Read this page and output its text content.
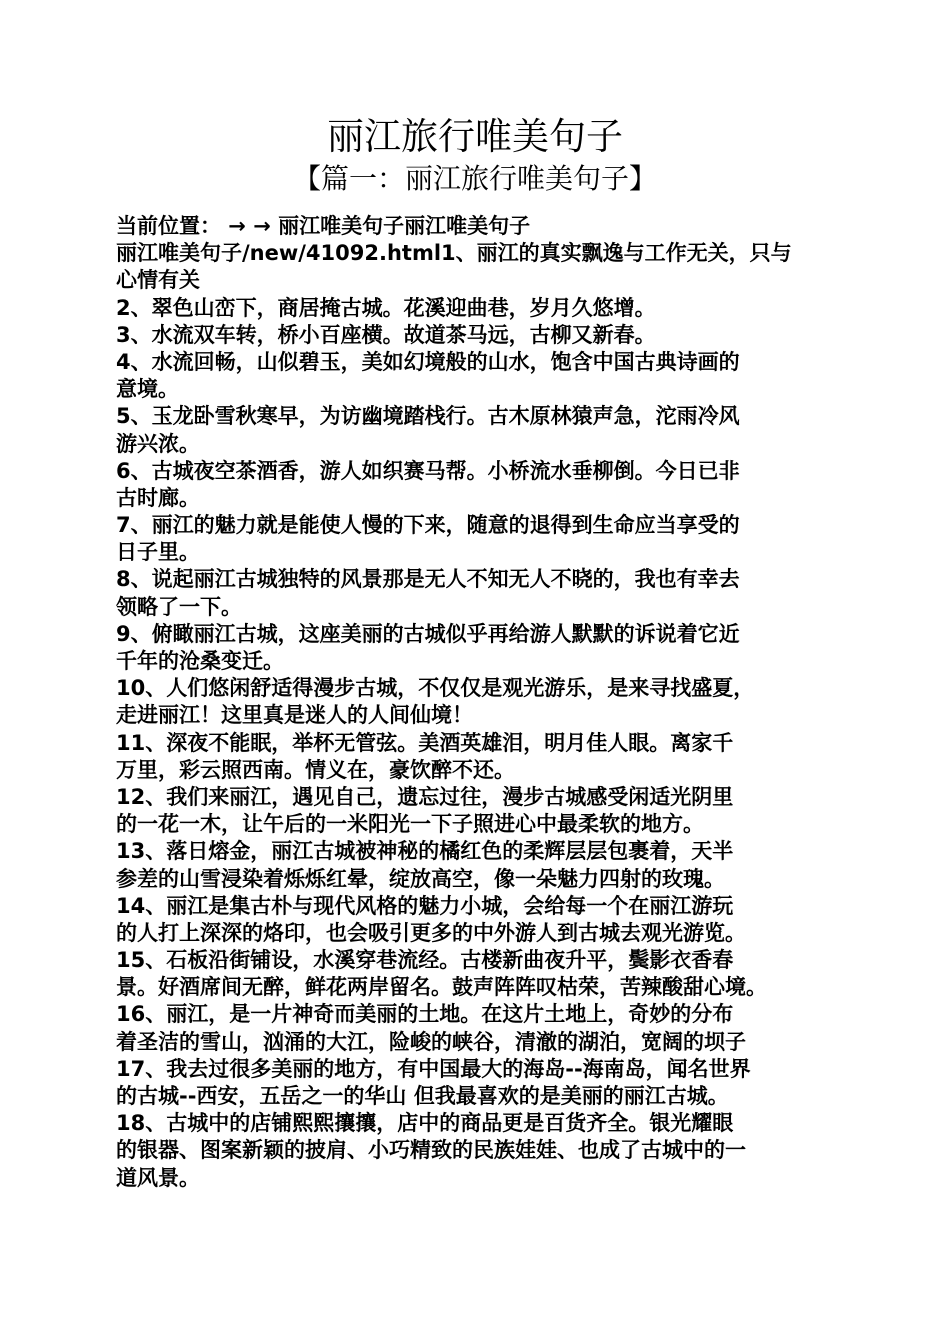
丽江旅行唯美句子
【篇一：丽江旅行唯美句子】
当前位置： → → 丽江唯美句子丽江唯美句子
丽江唯美句子/new/41092.html1、丽江的真实飘逸与工作无关，只与
心情有关
2、翠色山峦下，商居掩古城。花溪迎曲巷，岁月久悠增。
3、水流双车转，桥小百座横。故道茶马远，古柳又新春。
4、水流回畅，山似碧玉，美如幻境般的山水，饱含中国古典诗画的
意境。
5、玉龙卧雪秋寒早，为访幽境踏栈行。古木原林猿声急，沱雨冷风
游兴浓。
6、古城夜空茶酒香，游人如织赛马帮。小桥流水垂柳倒。今日已非
古时廊。
7、丽江的魅力就是能使人慢的下来，随意的退得到生命应当享受的
日子里。
8、说起丽江古城独特的风景那是无人不知无人不晓的，我也有幸去
领略了一下。
9、俯瞰丽江古城，这座美丽的古城似乎再给游人默默的诉说着它近
千年的沧桑变迁。
10、人们悠闲舒适得漫步古城，不仅仅是观光游乐，是来寻找盛夏，
走进丽江！这里真是迷人的人间仙境！
11、深夜不能眠，举杯无管弦。美酒英雄泪，明月佳人眼。离家千
万里，彩云照西南。情义在，豪饮醉不还。
12、我们来丽江，遇见自己，遗忘过往，漫步古城感受闲适光阴里
的一花一木，让午后的一米阳光一下子照进心中最柔软的地方。
13、落日熔金，丽江古城被神秘的橘红色的柔辉层层包裹着，天半
参差的山雪浸染着烁烁红晕，绽放高空，像一朵魅力四射的玫瑰。
14、丽江是集古朴与现代风格的魅力小城，会给每一个在丽江游玩
的人打上深深的烙印，也会吸引更多的中外游人到古城去观光游览。
15、石板沿街铺设，水溪穿巷流经。古楼新曲夜升平，鬓影衣香春
景。好酒席间无醉，鲜花两岸留名。鼓声阵阵叹枯荣，苦辣酸甜心境。
16、丽江，是一片神奇而美丽的土地。在这片土地上，奇妙的分布
着圣洁的雪山，汹涌的大江，险峻的峡谷，清澈的湖泊，宽阔的坝子
17、我去过很多美丽的地方，有中国最大的海岛--海南岛，闻名世界
的古城--西安，五岳之一的华山 但我最喜欢的是美丽的丽江古城。
18、古城中的店铺熙熙攘攘，店中的商品更是百货齐全。银光耀眼
的银器、图案新颖的披肩、小巧精致的民族娃娃、也成了古城中的一
道风景。
